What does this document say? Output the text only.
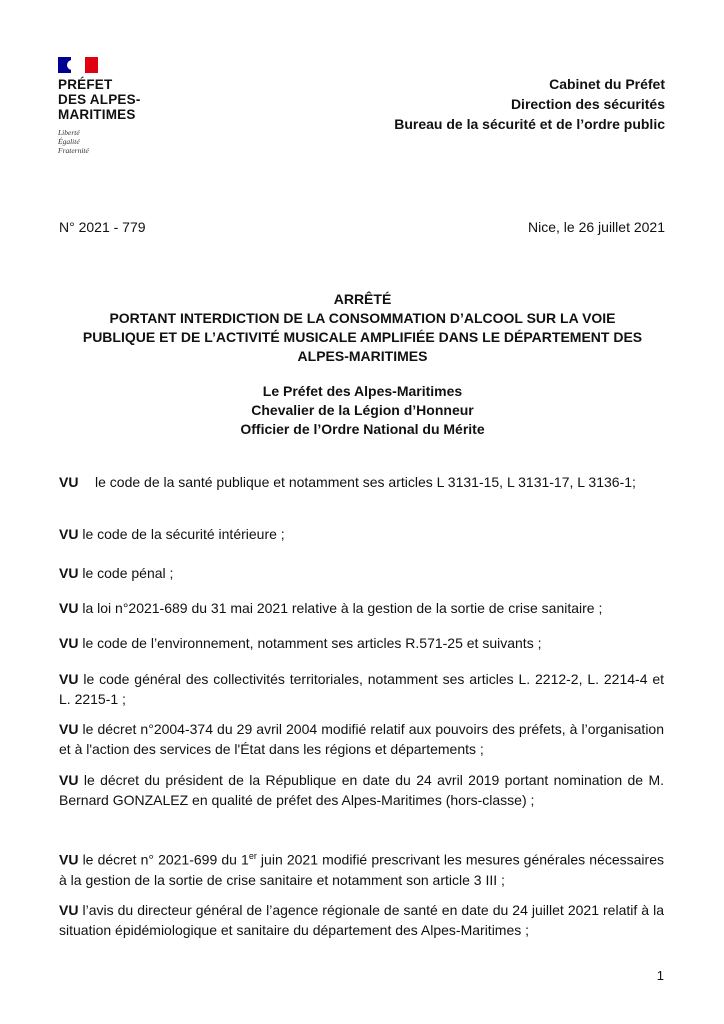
PRÉFET
DES ALPES-
MARITIMES
Liberté
Égalité
Fraternité
Cabinet du Préfet
Direction des sécurités
Bureau de la sécurité et de l’ordre public
N° 2021 - 779	Nice, le 26 juillet 2021
ARRÊTÉ
PORTANT INTERDICTION DE LA CONSOMMATION D’ALCOOL SUR LA VOIE
PUBLIQUE ET DE L’ACTIVITÉ MUSICALE AMPLIFIÉE DANS LE DÉPARTEMENT DES
ALPES-MARITIMES
Le Préfet des Alpes-Maritimes
Chevalier de la Légion d’Honneur
Officier de l’Ordre National du Mérite
VU	le code de la santé publique et notamment ses articles L 3131-15, L 3131-17, L 3136-1;
VU le code de la sécurité intérieure ;
VU le code pénal ;
VU la loi n°2021-689 du 31 mai 2021 relative à la gestion de la sortie de crise sanitaire ;
VU le code de l’environnement, notamment ses articles R.571-25 et suivants ;
VU le code général des collectivités territoriales, notamment ses articles L. 2212-2, L. 2214-4 et L. 2215-1 ;
VU le décret n°2004-374 du 29 avril 2004 modifié relatif aux pouvoirs des préfets, à l’organisation et à l'action des services de l'État dans les régions et départements ;
VU le décret du président de la République en date du 24 avril 2019 portant nomination de M. Bernard GONZALEZ en qualité de préfet des Alpes-Maritimes (hors-classe) ;
VU le décret n° 2021-699 du 1er juin 2021 modifié prescrivant les mesures générales nécessaires à la gestion de la sortie de crise sanitaire et notamment son article 3 III ;
VU l’avis du directeur général de l’agence régionale de santé en date du 24 juillet 2021 relatif à la situation épidémiologique et sanitaire du département des Alpes-Maritimes ;
1
